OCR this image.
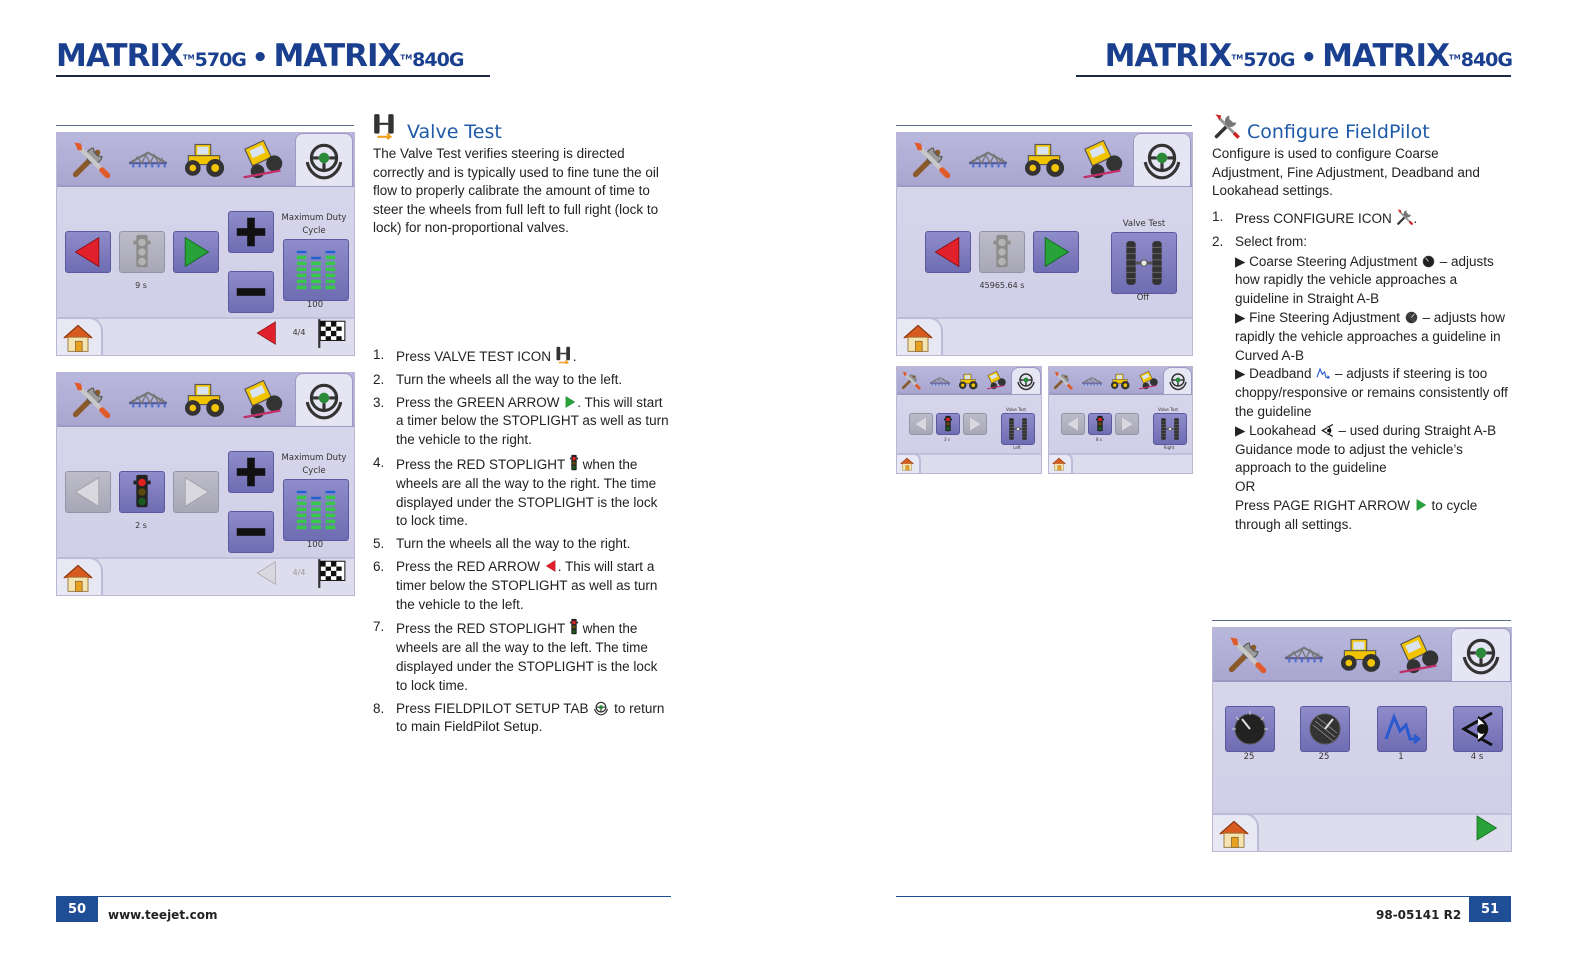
MATRIX™570G • MATRIX™840G	MATRIX™570G • MATRIX™840G
9 s
Maximum Duty Cycle
100
4/4
2 s
Maximum Duty Cycle
100
4/4
Valve Test
The Valve Test verifies steering is directed correctly and is typically used to fine tune the oil flow to properly calibrate the amount of time to steer the wheels from full left to full right (lock to lock) for non-proportional valves.
1. Press VALVE TEST ICON .
2. Turn the wheels all the way to the left.
3. Press the GREEN ARROW . This will start a timer below the STOPLIGHT as well as turn the vehicle to the right.
4. Press the RED STOPLIGHT  when the wheels are all the way to the right. The time displayed under the STOPLIGHT is the lock to lock time.
5. Turn the wheels all the way to the right.
6. Press the RED ARROW . This will start a timer below the STOPLIGHT as well as turn the vehicle to the left.
7. Press the RED STOPLIGHT  when the wheels are all the way to the left. The time displayed under the STOPLIGHT is the lock to lock time.
8. Press FIELDPILOT SETUP TAB  to return to main FieldPilot Setup.
45965.64 s
Valve Test
Off
3 s
Valve Test
Left
8 s
Valve Test
Right
Configure FieldPilot
Configure is used to configure Coarse Adjustment, Fine Adjustment, Deadband and Lookahead settings.
1. Press CONFIGURE ICON .
2. Select from:
▶ Coarse Steering Adjustment  – adjusts how rapidly the vehicle approaches a guideline in Straight A-B
▶ Fine Steering Adjustment  – adjusts how rapidly the vehicle approaches a guideline in Curved A-B
▶ Deadband  – adjusts if steering is too choppy/responsive or remains consistently off the guideline
▶ Lookahead  – used during Straight A-B Guidance mode to adjust the vehicle’s approach to the guideline
OR
Press PAGE RIGHT ARROW  to cycle through all settings.
25	25	1	4 s
50	www.teejet.com	98-05141 R2	51
